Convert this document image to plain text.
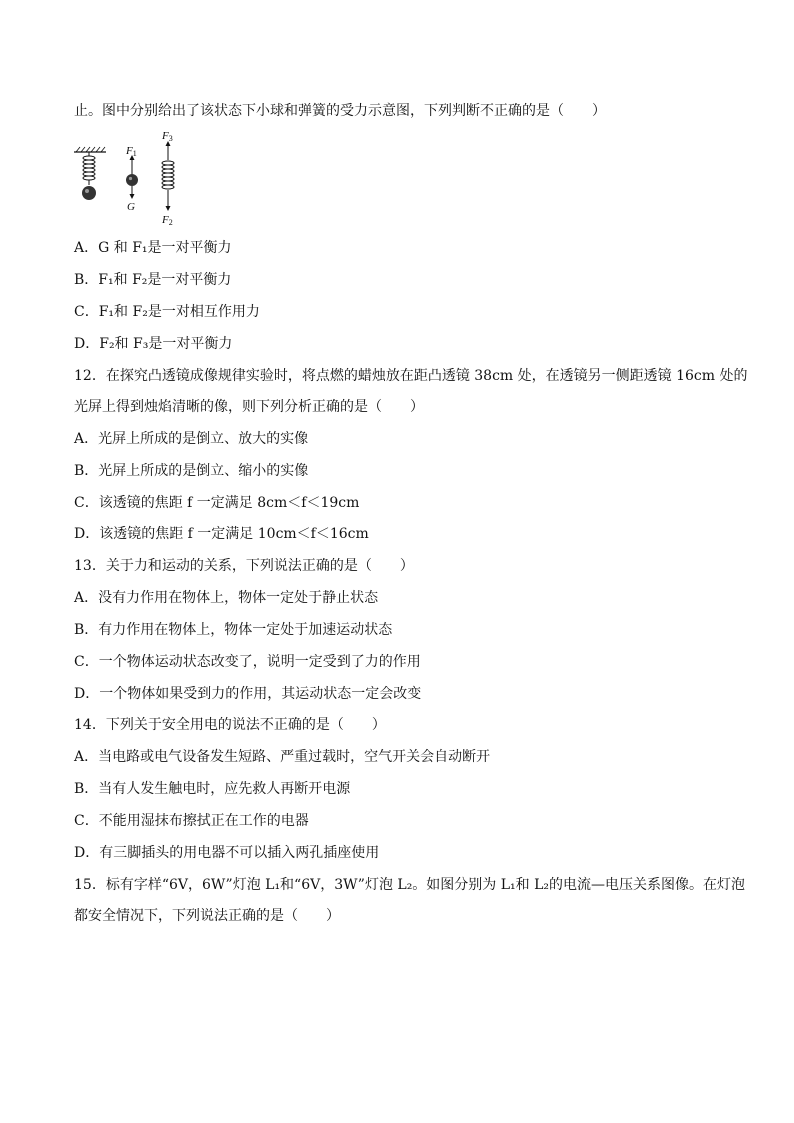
止。图中分别给出了该状态下小球和弹簧的受力示意图，下列判断不正确的是（　　）
F1
G
F3
F2
A．G 和 F₁是一对平衡力
B．F₁和 F₂是一对平衡力
C．F₁和 F₂是一对相互作用力
D．F₂和 F₃是一对平衡力
12．在探究凸透镜成像规律实验时，将点燃的蜡烛放在距凸透镜 38cm 处，在透镜另一侧距透镜 16cm 处的
光屏上得到烛焰清晰的像，则下列分析正确的是（　　）
A．光屏上所成的是倒立、放大的实像
B．光屏上所成的是倒立、缩小的实像
C．该透镜的焦距 f 一定满足 8cm＜f＜19cm
D．该透镜的焦距 f 一定满足 10cm＜f＜16cm
13．关于力和运动的关系，下列说法正确的是（　　）
A．没有力作用在物体上，物体一定处于静止状态
B．有力作用在物体上，物体一定处于加速运动状态
C．一个物体运动状态改变了，说明一定受到了力的作用
D．一个物体如果受到力的作用，其运动状态一定会改变
14．下列关于安全用电的说法不正确的是（　　）
A．当电路或电气设备发生短路、严重过载时，空气开关会自动断开
B．当有人发生触电时，应先救人再断开电源
C．不能用湿抹布擦拭正在工作的电器
D．有三脚插头的用电器不可以插入两孔插座使用
15．标有字样“6V，6W”灯泡 L₁和“6V，3W”灯泡 L₂。如图分别为 L₁和 L₂的电流—电压关系图像。在灯泡
都安全情况下，下列说法正确的是（　　）
